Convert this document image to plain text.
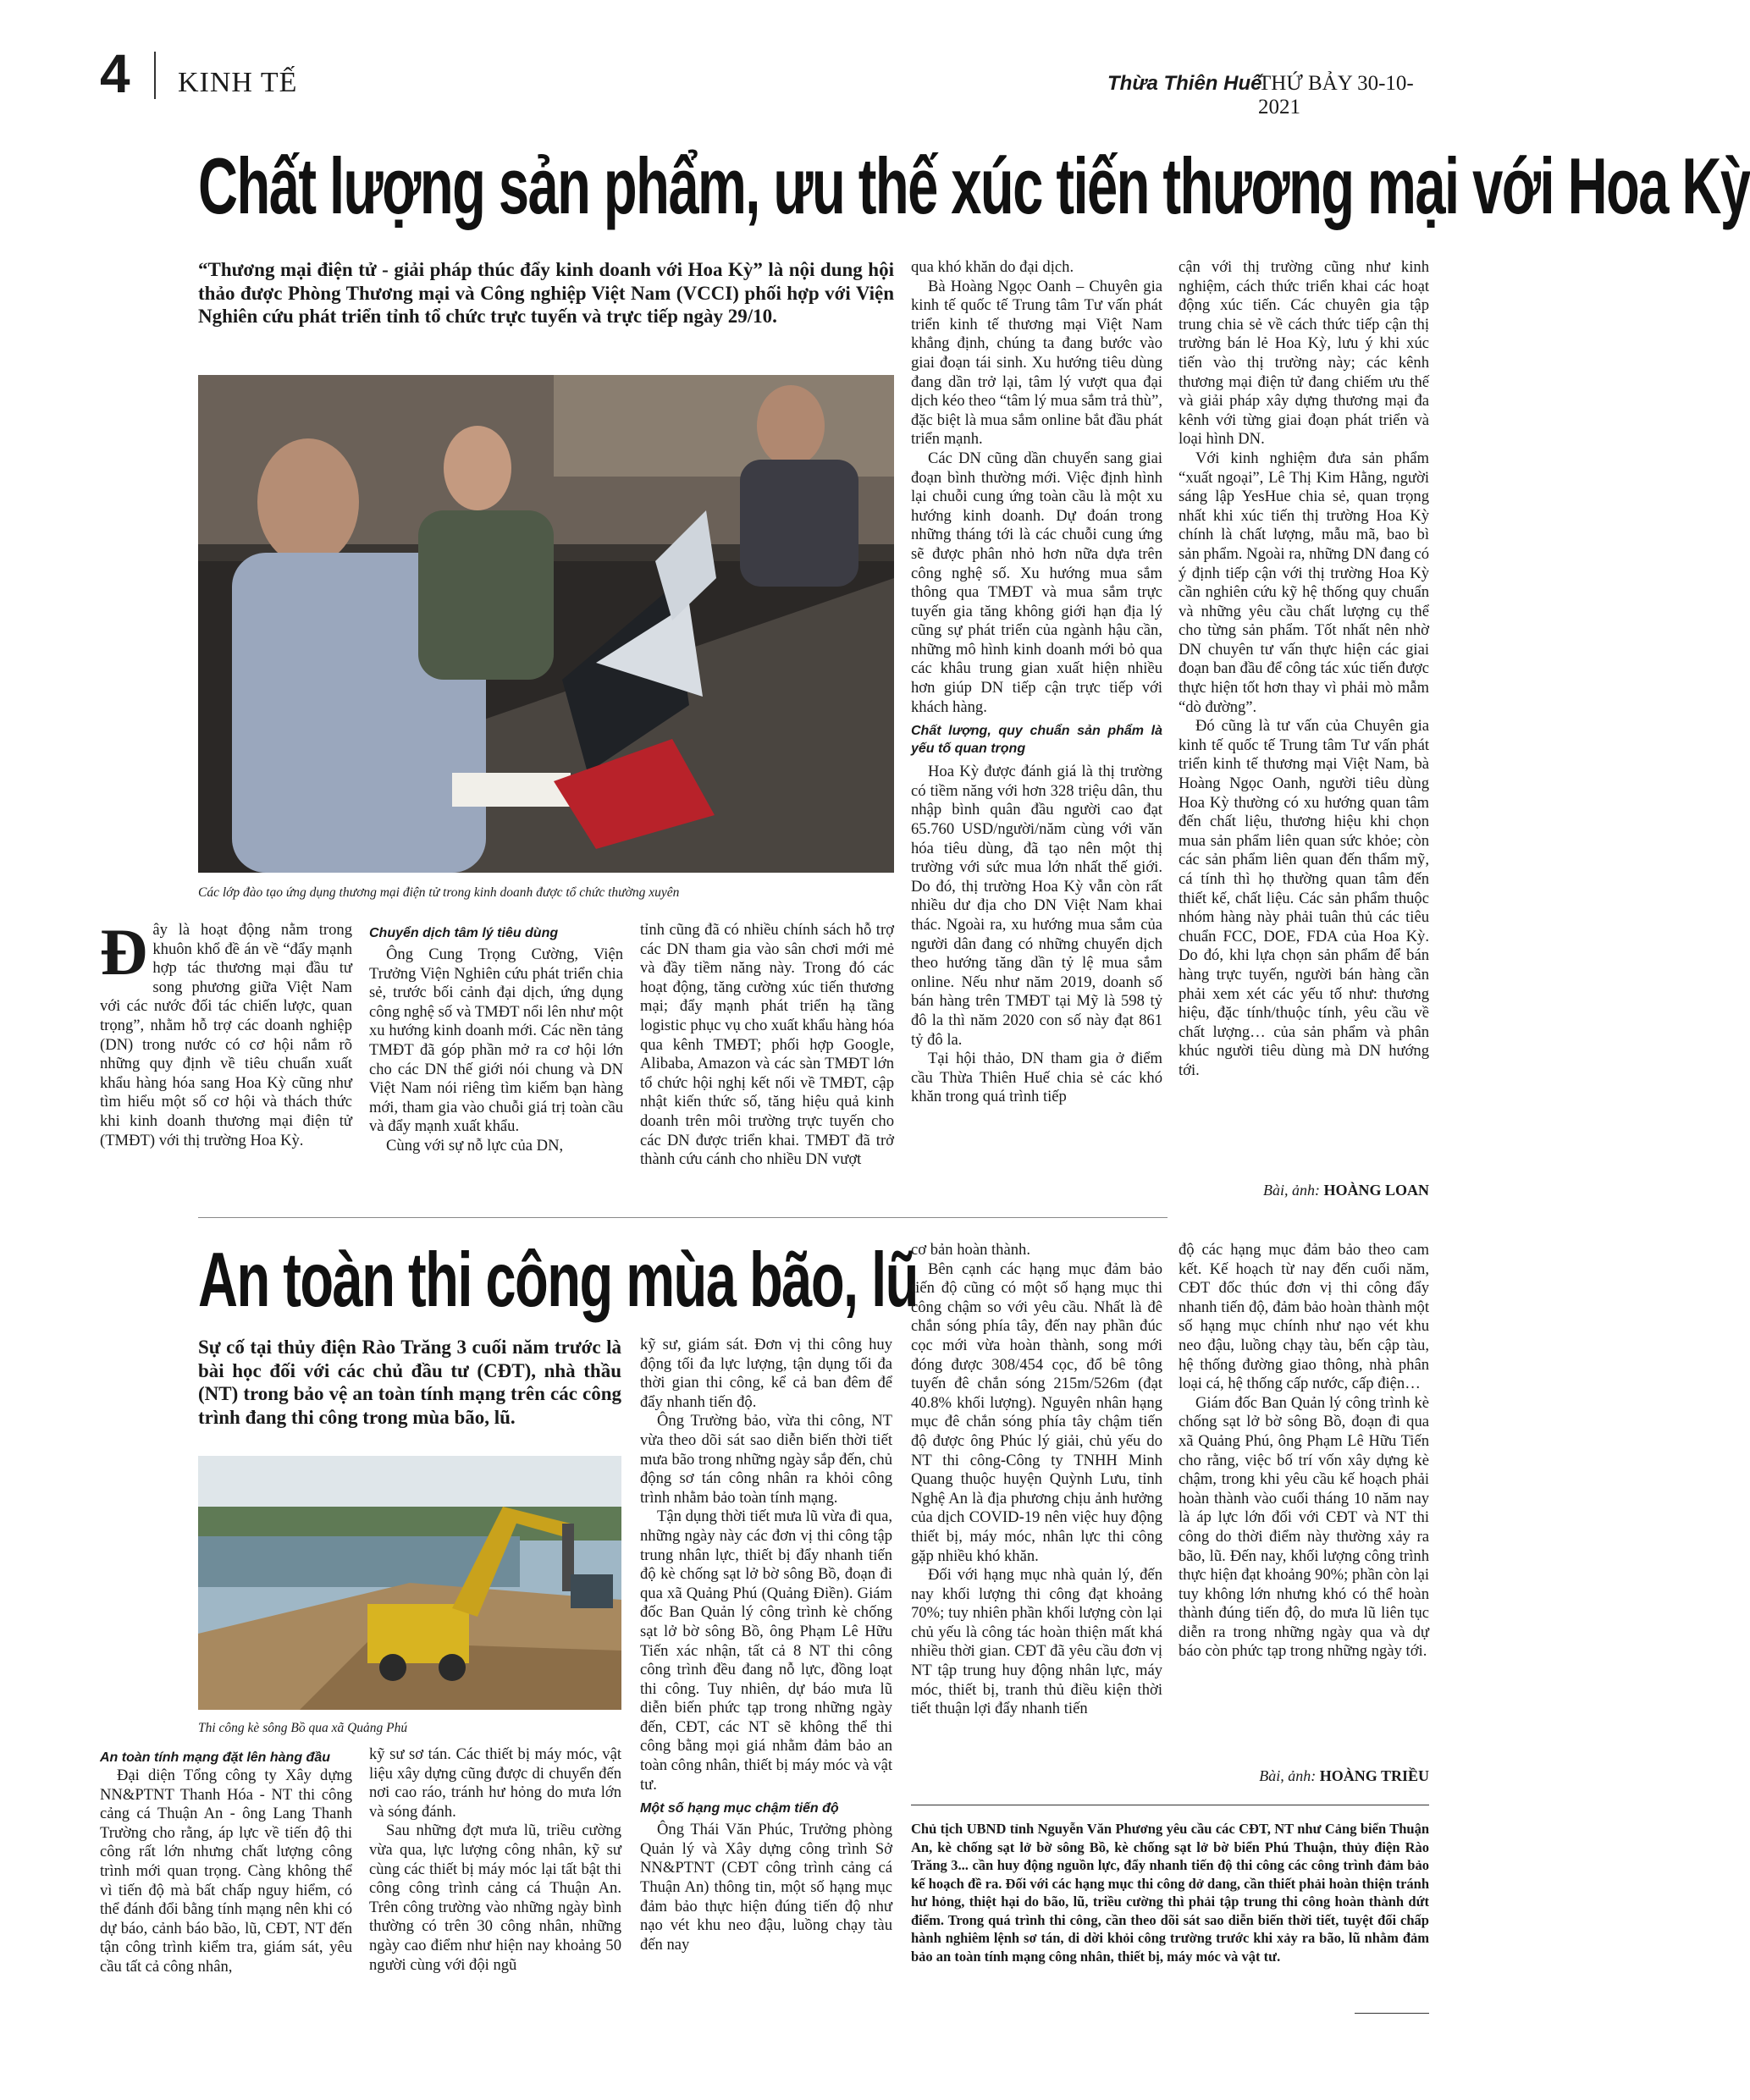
4 KINH TẾ	Thừa Thiên Huế
THỨ BẢY 30-10-2021
Chất lượng sản phẩm, ưu thế xúc tiến thương mại với Hoa Kỳ
“Thương mại điện tử - giải pháp thúc đẩy kinh doanh với Hoa Kỳ” là nội dung hội thảo được Phòng Thương mại và Công nghiệp Việt Nam (VCCI) phối hợp với Viện Nghiên cứu phát triển tỉnh tổ chức trực tuyến và trực tiếp ngày 29/10.
Các lớp đào tạo ứng dụng thương mại điện tử trong kinh doanh được tổ chức thường xuyên
Đ ây là hoạt động nằm trong khuôn khổ đề án về “đẩy mạnh hợp tác thương mại đầu tư song phương giữa Việt Nam với các nước đối tác chiến lược, quan trọng”, nhằm hỗ trợ các doanh nghiệp (DN) trong nước có cơ hội nắm rõ những quy định về tiêu chuẩn xuất khẩu hàng hóa sang Hoa Kỳ cũng như tìm hiểu một số cơ hội và thách thức khi kinh doanh thương mại điện tử (TMĐT) với thị trường Hoa Kỳ.
Chuyển dịch tâm lý tiêu dùng

Ông Cung Trọng Cường, Viện Trưởng Viện Nghiên cứu phát triển chia sẻ, trước bối cảnh đại dịch, ứng dụng công nghệ số và TMĐT nổi lên như một xu hướng kinh doanh mới. Các nền tảng TMĐT đã góp phần mở ra cơ hội lớn cho các DN thế giới nói chung và DN Việt Nam nói riêng tìm kiếm bạn hàng mới, tham gia vào chuỗi giá trị toàn cầu và đẩy mạnh xuất khẩu.

Cùng với sự nỗ lực của DN,

tỉnh cũng đã có nhiều chính sách hỗ trợ các DN tham gia vào sân chơi mới mẻ và đầy tiềm năng này. Trong đó các hoạt động, tăng cường xúc tiến thương mại; đẩy mạnh phát triển hạ tầng logistic phục vụ cho xuất khẩu hàng hóa qua kênh TMĐT; phối hợp Google, Alibaba, Amazon và các sàn TMĐT lớn tổ chức hội nghị kết nối về TMĐT, cập nhật kiến thức số, tăng hiệu quả kinh doanh trên môi trường trực tuyến cho các DN được triển khai. TMĐT đã trở thành cứu cánh cho nhiều DN vượt

qua khó khăn do đại dịch.

Bà Hoàng Ngọc Oanh – Chuyên gia kinh tế quốc tế Trung tâm Tư vấn phát triển kinh tế thương mại Việt Nam khẳng định, chúng ta đang bước vào giai đoạn tái sinh. Xu hướng tiêu dùng đang dần trở lại, tâm lý vượt qua đại dịch kéo theo “tâm lý mua sắm trả thù”, đặc biệt là mua sắm online bắt đầu phát triển mạnh.

Các DN cũng dần chuyển sang giai đoạn bình thường mới. Việc định hình lại chuỗi cung ứng toàn cầu là một xu hướng kinh doanh. Dự đoán trong những tháng tới là các chuỗi cung ứng sẽ được phân nhỏ hơn nữa dựa trên công nghệ số. Xu hướng mua sắm thông qua TMĐT và mua sắm trực tuyến gia tăng không giới hạn địa lý cũng sự phát triển của ngành hậu cần, những mô hình kinh doanh mới bỏ qua các khâu trung gian xuất hiện nhiều hơn giúp DN tiếp cận trực tiếp với khách hàng.

Chất lượng, quy chuẩn sản phẩm là yếu tố quan trọng

Hoa Kỳ được đánh giá là thị trường có tiềm năng với hơn 328 triệu dân, thu nhập bình quân đầu người cao đạt 65.760 USD/người/năm cùng với văn hóa tiêu dùng, đã tạo nên một thị trường với sức mua lớn nhất thế giới. Do đó, thị trường Hoa Kỳ vẫn còn rất nhiều dư địa cho DN Việt Nam khai thác. Ngoài ra, xu hướng mua sắm của người dân đang có những chuyển dịch theo hướng tăng dần tỷ lệ mua sắm online. Nếu như năm 2019, doanh số bán hàng trên TMĐT tại Mỹ là 598 tỷ đô la thì năm 2020 con số này đạt 861 tỷ đô la.

Tại hội thảo, DN tham gia ở điểm cầu Thừa Thiên Huế chia sẻ các khó khăn trong quá trình tiếp

cận với thị trường cũng như kinh nghiệm, cách thức triển khai các hoạt động xúc tiến. Các chuyên gia tập trung chia sẻ về cách thức tiếp cận thị trường bán lẻ Hoa Kỳ, lưu ý khi xúc tiến vào thị trường này; các kênh thương mại điện tử đang chiếm ưu thế và giải pháp xây dựng thương mại đa kênh với từng giai đoạn phát triển và loại hình DN.

Với kinh nghiệm đưa sản phẩm “xuất ngoại”, Lê Thị Kim Hằng, người sáng lập YesHue chia sẻ, quan trọng nhất khi xúc tiến thị trường Hoa Kỳ chính là chất lượng, mẫu mã, bao bì sản phẩm. Ngoài ra, những DN đang có ý định tiếp cận với thị trường Hoa Kỳ cần nghiên cứu kỹ hệ thống quy chuẩn và những yêu cầu chất lượng cụ thể cho từng sản phẩm. Tốt nhất nên nhờ DN chuyên tư vấn thực hiện các giai đoạn ban đầu để công tác xúc tiến được thực hiện tốt hơn thay vì phải mò mẫm “dò đường”.

Đó cũng là tư vấn của Chuyên gia kinh tế quốc tế Trung tâm Tư vấn phát triển kinh tế thương mại Việt Nam, bà Hoàng Ngọc Oanh, người tiêu dùng Hoa Kỳ thường có xu hướng quan tâm đến chất liệu, thương hiệu khi chọn mua sản phẩm liên quan sức khỏe; còn các sản phẩm liên quan đến thẩm mỹ, cá tính thì họ thường quan tâm đến thiết kế, chất liệu. Các sản phẩm thuộc nhóm hàng này phải tuân thủ các tiêu chuẩn FCC, DOE, FDA của Hoa Kỳ. Do đó, khi lựa chọn sản phẩm để bán hàng trực tuyến, người bán hàng cần phải xem xét các yếu tố như: thương hiệu, đặc tính/thuộc tính, yêu cầu về chất lượng… của sản phẩm và phân khúc người tiêu dùng mà DN hướng tới.

Bài, ảnh: HOÀNG LOAN
An toàn thi công mùa bão, lũ
Sự cố tại thủy điện Rào Trăng 3 cuối năm trước là bài học đối với các chủ đầu tư (CĐT), nhà thầu (NT) trong bảo vệ an toàn tính mạng trên các công trình đang thi công trong mùa bão, lũ.
Thi công kè sông Bồ qua xã Quảng Phú
An toàn tính mạng đặt lên hàng đầu

Đại diện Tổng công ty Xây dựng NN&PTNT Thanh Hóa - NT thi công cảng cá Thuận An - ông Lang Thanh Trường cho rằng, áp lực về tiến độ thi công rất lớn nhưng chất lượng công trình mới quan trọng. Càng không thể vì tiến độ mà bất chấp nguy hiểm, có thể đánh đổi bằng tính mạng nên khi có dự báo, cảnh báo bão, lũ, CĐT, NT đến tận công trình kiểm tra, giám sát, yêu cầu tất cả công nhân,

kỹ sư sơ tán. Các thiết bị máy móc, vật liệu xây dựng cũng được di chuyển đến nơi cao ráo, tránh hư hỏng do mưa lớn và sóng đánh.

Sau những đợt mưa lũ, triều cường vừa qua, lực lượng công nhân, kỹ sư cùng các thiết bị máy móc lại tất bật thi công công trình cảng cá Thuận An. Trên công trường vào những ngày bình thường có trên 30 công nhân, những ngày cao điểm như hiện nay khoảng 50 người cùng với đội ngũ

kỹ sư, giám sát. Đơn vị thi công huy động tối đa lực lượng, tận dụng tối đa thời gian thi công, kể cả ban đêm để đẩy nhanh tiến độ.

Ông Trường bảo, vừa thi công, NT vừa theo dõi sát sao diễn biến thời tiết mưa bão trong những ngày sắp đến, chủ động sơ tán công nhân ra khỏi công trình nhằm bảo toàn tính mạng.

Tận dụng thời tiết mưa lũ vừa đi qua, những ngày này các đơn vị thi công tập trung nhân lực, thiết bị đẩy nhanh tiến độ kè chống sạt lở bờ sông Bồ, đoạn đi qua xã Quảng Phú (Quảng Điền). Giám đốc Ban Quản lý công trình kè chống sạt lở bờ sông Bồ, ông Phạm Lê Hữu Tiến xác nhận, tất cả 8 NT thi công công trình đều đang nỗ lực, đồng loạt thi công. Tuy nhiên, dự báo mưa lũ diễn biến phức tạp trong những ngày đến, CĐT, các NT sẽ không thể thi công bằng mọi giá nhằm đảm bảo an toàn công nhân, thiết bị máy móc và vật tư.

Một số hạng mục chậm tiến độ

Ông Thái Văn Phúc, Trưởng phòng Quản lý và Xây dựng công trình Sở NN&PTNT (CĐT công trình cảng cá Thuận An) thông tin, một số hạng mục đảm bảo thực hiện đúng tiến độ như nạo vét khu neo đậu, luồng chạy tàu đến nay

cơ bản hoàn thành.

Bên cạnh các hạng mục đảm bảo tiến độ cũng có một số hạng mục thi công chậm so với yêu cầu. Nhất là đê chắn sóng phía tây, đến nay phần đúc cọc mới vừa hoàn thành, song mới đóng được 308/454 cọc, đổ bê tông tuyến đê chắn sóng 215m/526m (đạt 40.8% khối lượng). Nguyên nhân hạng mục đê chắn sóng phía tây chậm tiến độ được ông Phúc lý giải, chủ yếu do NT thi công-Công ty TNHH Minh Quang thuộc huyện Quỳnh Lưu, tỉnh Nghệ An là địa phương chịu ảnh hưởng của dịch COVID-19 nên việc huy động thiết bị, máy móc, nhân lực thi công gặp nhiều khó khăn.

Đối với hạng mục nhà quản lý, đến nay khối lượng thi công đạt khoảng 70%; tuy nhiên phần khối lượng còn lại chủ yếu là công tác hoàn thiện mất khá nhiều thời gian. CĐT đã yêu cầu đơn vị NT tập trung huy động nhân lực, máy móc, thiết bị, tranh thủ điều kiện thời tiết thuận lợi đẩy nhanh tiến

độ các hạng mục đảm bảo theo cam kết. Kế hoạch từ nay đến cuối năm, CĐT đốc thúc đơn vị thi công đẩy nhanh tiến độ, đảm bảo hoàn thành một số hạng mục chính như nạo vét khu neo đậu, luồng chạy tàu, bến cập tàu, hệ thống đường giao thông, nhà phân loại cá, hệ thống cấp nước, cấp điện…

Giám đốc Ban Quản lý công trình kè chống sạt lở bờ sông Bồ, đoạn đi qua xã Quảng Phú, ông Phạm Lê Hữu Tiến cho rằng, việc bố trí vốn xây dựng kè chậm, trong khi yêu cầu kế hoạch phải hoàn thành vào cuối tháng 10 năm nay là áp lực lớn đối với CĐT và NT thi công do thời điểm này thường xảy ra bão, lũ. Đến nay, khối lượng công trình thực hiện đạt khoảng 90%; phần còn lại tuy không lớn nhưng khó có thể hoàn thành đúng tiến độ, do mưa lũ liên tục diễn ra trong những ngày qua và dự báo còn phức tạp trong những ngày tới.

Bài, ảnh: HOÀNG TRIỀU
Chủ tịch UBND tỉnh Nguyễn Văn Phương yêu cầu các CĐT, NT như Cảng biển Thuận An, kè chống sạt lở bờ sông Bồ, kè chống sạt lở bờ biển Phú Thuận, thủy điện Rào Trăng 3... cần huy động nguồn lực, đẩy nhanh tiến độ thi công các công trình đảm bảo kế hoạch đề ra. Đối với các hạng mục thi công dở dang, cần thiết phải hoàn thiện tránh hư hỏng, thiệt hại do bão, lũ, triều cường thì phải tập trung thi công hoàn thành dứt điểm. Trong quá trình thi công, cần theo dõi sát sao diễn biến thời tiết, tuyệt đối chấp hành nghiêm lệnh sơ tán, di dời khỏi công trường trước khi xảy ra bão, lũ nhằm đảm bảo an toàn tính mạng công nhân, thiết bị, máy móc và vật tư.
